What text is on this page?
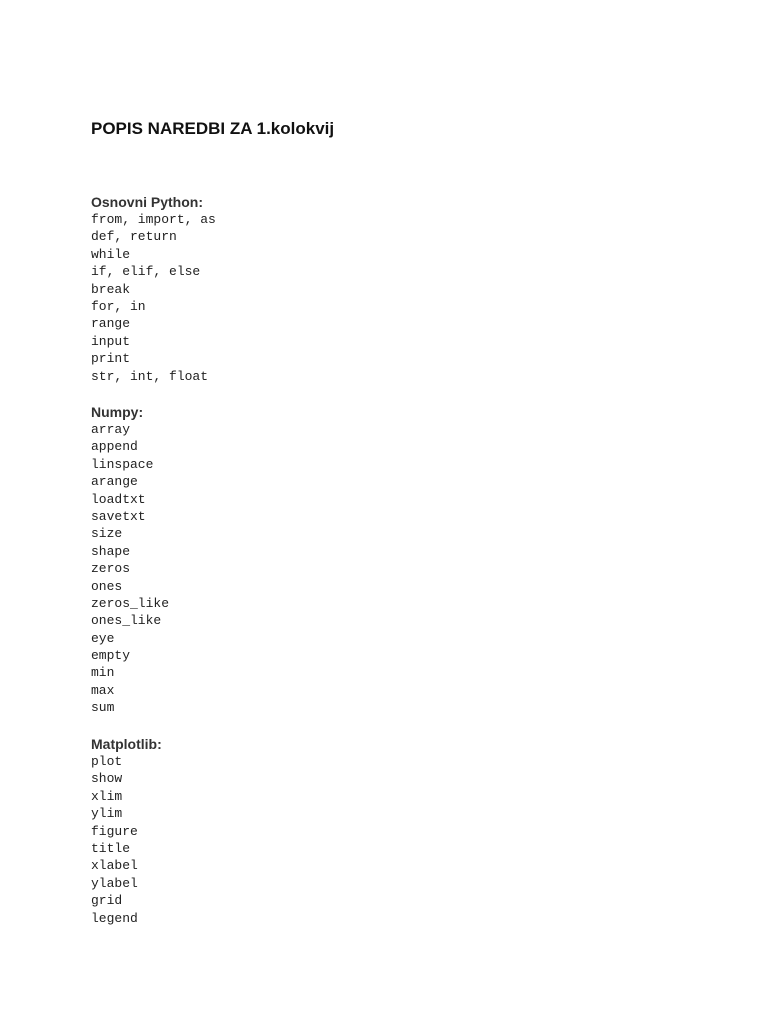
POPIS NAREDBI ZA 1.kolokvij
Osnovni Python:
from, import, as
def, return
while
if, elif, else
break
for, in
range
input
print
str, int, float
Numpy:
array
append
linspace
arange
loadtxt
savetxt
size
shape
zeros
ones
zeros_like
ones_like
eye
empty
min
max
sum
Matplotlib:
plot
show
xlim
ylim
figure
title
xlabel
ylabel
grid
legend
